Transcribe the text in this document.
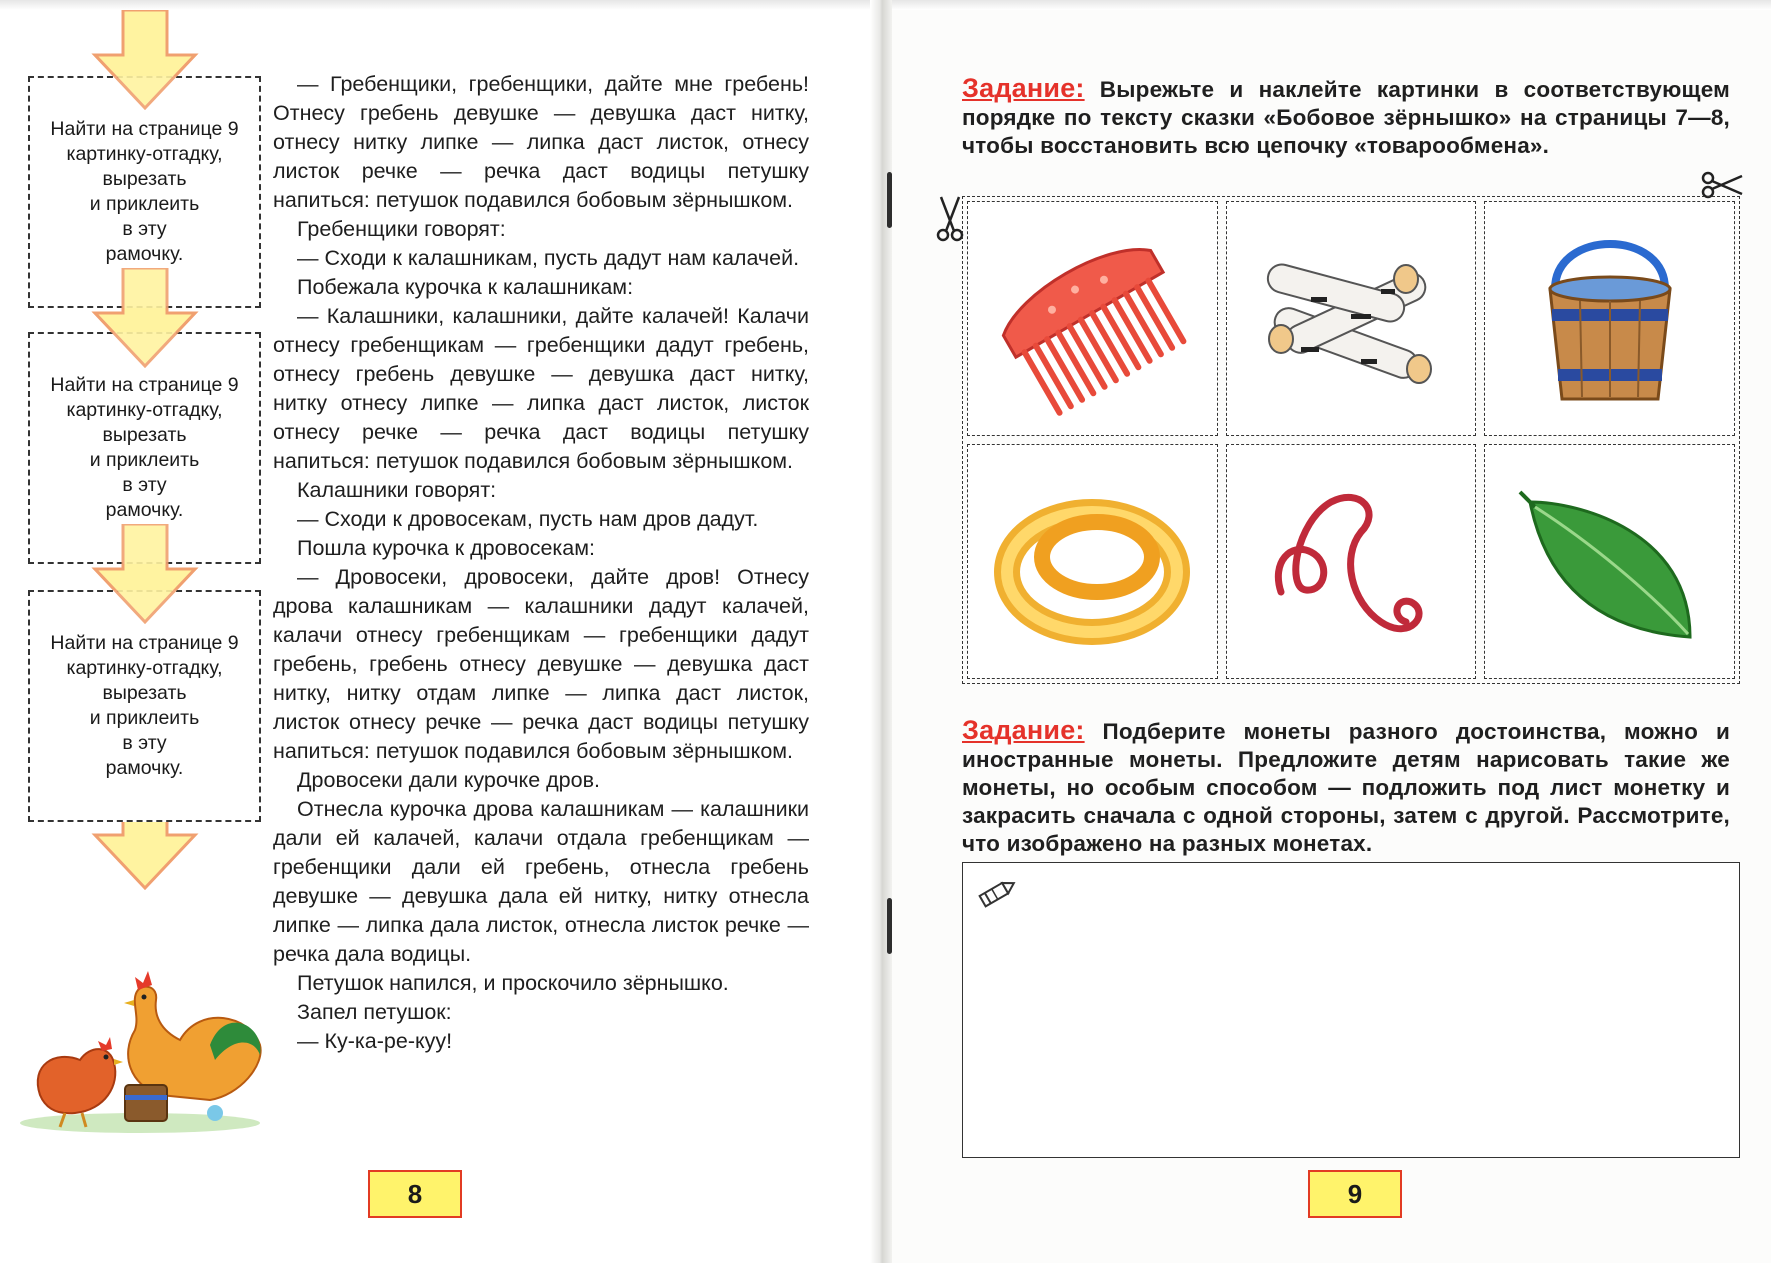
Найти на странице 9
картинку-отгадку,
вырезать
и приклеить
в эту
рамочку.
Найти на странице 9
картинку-отгадку,
вырезать
и приклеить
в эту
рамочку.
Найти на странице 9
картинку-отгадку,
вырезать
и приклеить
в эту
рамочку.

— Гребенщики, гребенщики, дайте мне гребень! Отнесу гребень девушке — девушка даст нитку, отнесу нитку липке — липка даст листок, отнесу листок речке — речка даст водицы петушку напиться: петушок подавился бобовым зёрнышком.

Гребенщики говорят:

— Сходи к калашникам, пусть дадут нам калачей.

Побежала курочка к калашникам:

— Калашники, калашники, дайте калачей! Калачи отнесу гребенщикам — гребенщики дадут гребень, отнесу гребень девушке — девушка даст нитку, нитку отнесу липке — липка даст листок, листок отнесу речке — речка даст водицы петушку напиться: петушок подавился бобовым зёрнышком.

Калашники говорят:

— Сходи к дровосекам, пусть нам дров дадут.

Пошла курочка к дровосекам:

— Дровосеки, дровосеки, дайте дров! Отнесу дрова калашникам — калашники дадут калачей, калачи отнесу гребенщикам — гребенщики дадут гребень, гребень отнесу девушке — девушка даст нитку, нитку отдам липке — липка даст листок, листок отнесу речке — речка даст водицы петушку напиться: петушок подавился бобовым зёрнышком.

Дровосеки дали курочке дров.

Отнесла курочка дрова калашникам — калашники дали ей калачей, калачи отдала гребенщикам — гребенщики дали ей гребень, отнесла гребень девушке — девушка дала ей нитку, нитку отнесла липке — липка дала листок, отнесла листок речке — речка дала водицы.

Петушок напился, и проскочило зёрнышко.

Запел петушок:

— Ку-ка-ре-куу!

8
Задание: Вырежьте и наклейте картинки в соответствующем порядке по тексту сказки «Бобовое зёрнышко» на страницы 7—8, чтобы восстановить всю цепочку «товарообмена».
Задание: Подберите монеты разного достоинства, можно и иностранные монеты. Предложите детям нарисовать такие же монеты, но особым способом — подложить под лист монетку и закрасить сначала с одной стороны, затем с другой. Рассмотрите, что изображено на разных монетах.
9
